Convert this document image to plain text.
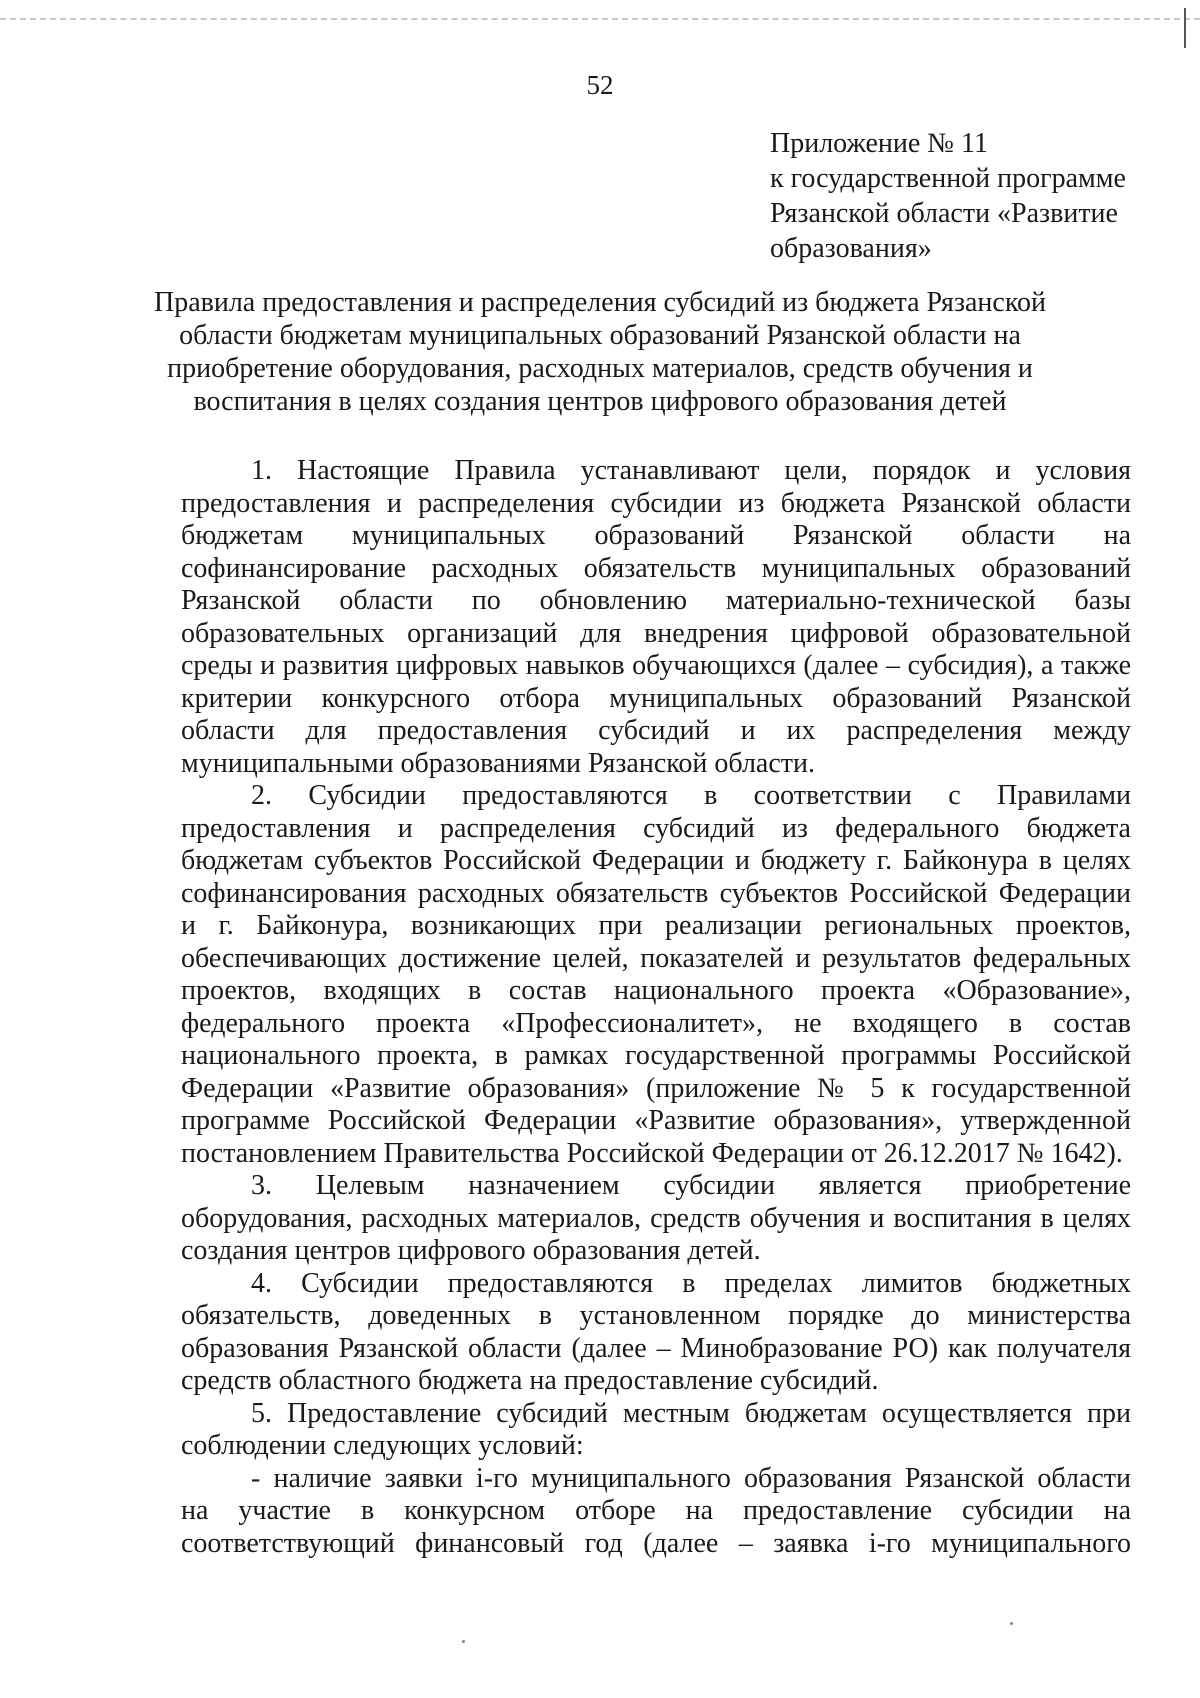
52
Приложение № 11
к государственной программе
Рязанской области «Развитие
образования»
Правила предоставления и распределения субсидий из бюджета Рязанской
области бюджетам муниципальных образований Рязанской области на
приобретение оборудования, расходных материалов, средств обучения и
воспитания в целях создания центров цифрового образования детей
1. Настоящие Правила устанавливают цели, порядок и условия
предоставления и распределения субсидии из бюджета Рязанской области
бюджетам муниципальных образований Рязанской области на
софинансирование расходных обязательств муниципальных образований
Рязанской области по обновлению материально-технической базы
образовательных организаций для внедрения цифровой образовательной
среды и развития цифровых навыков обучающихся (далее – субсидия), а также
критерии конкурсного отбора муниципальных образований Рязанской
области для предоставления субсидий и их распределения между
муниципальными образованиями Рязанской области.
2. Субсидии предоставляются в соответствии с Правилами
предоставления и распределения субсидий из федерального бюджета
бюджетам субъектов Российской Федерации и бюджету г. Байконура в целях
софинансирования расходных обязательств субъектов Российской Федерации
и г. Байконура, возникающих при реализации региональных проектов,
обеспечивающих достижение целей, показателей и результатов федеральных
проектов, входящих в состав национального проекта «Образование»,
федерального проекта «Профессионалитет», не входящего в состав
национального проекта, в рамках государственной программы Российской
Федерации «Развитие образования» (приложение № 5 к государственной
программе Российской Федерации «Развитие образования», утвержденной
постановлением Правительства Российской Федерации от 26.12.2017 № 1642).
3. Целевым назначением субсидии является приобретение
оборудования, расходных материалов, средств обучения и воспитания в целях
создания центров цифрового образования детей.
4. Субсидии предоставляются в пределах лимитов бюджетных
обязательств, доведенных в установленном порядке до министерства
образования Рязанской области (далее – Минобразование РО) как получателя
средств областного бюджета на предоставление субсидий.
5. Предоставление субсидий местным бюджетам осуществляется при
соблюдении следующих условий:
- наличие заявки i-го муниципального образования Рязанской области
на участие в конкурсном отборе на предоставление субсидии на
соответствующий финансовый год (далее – заявка i-го муниципального
